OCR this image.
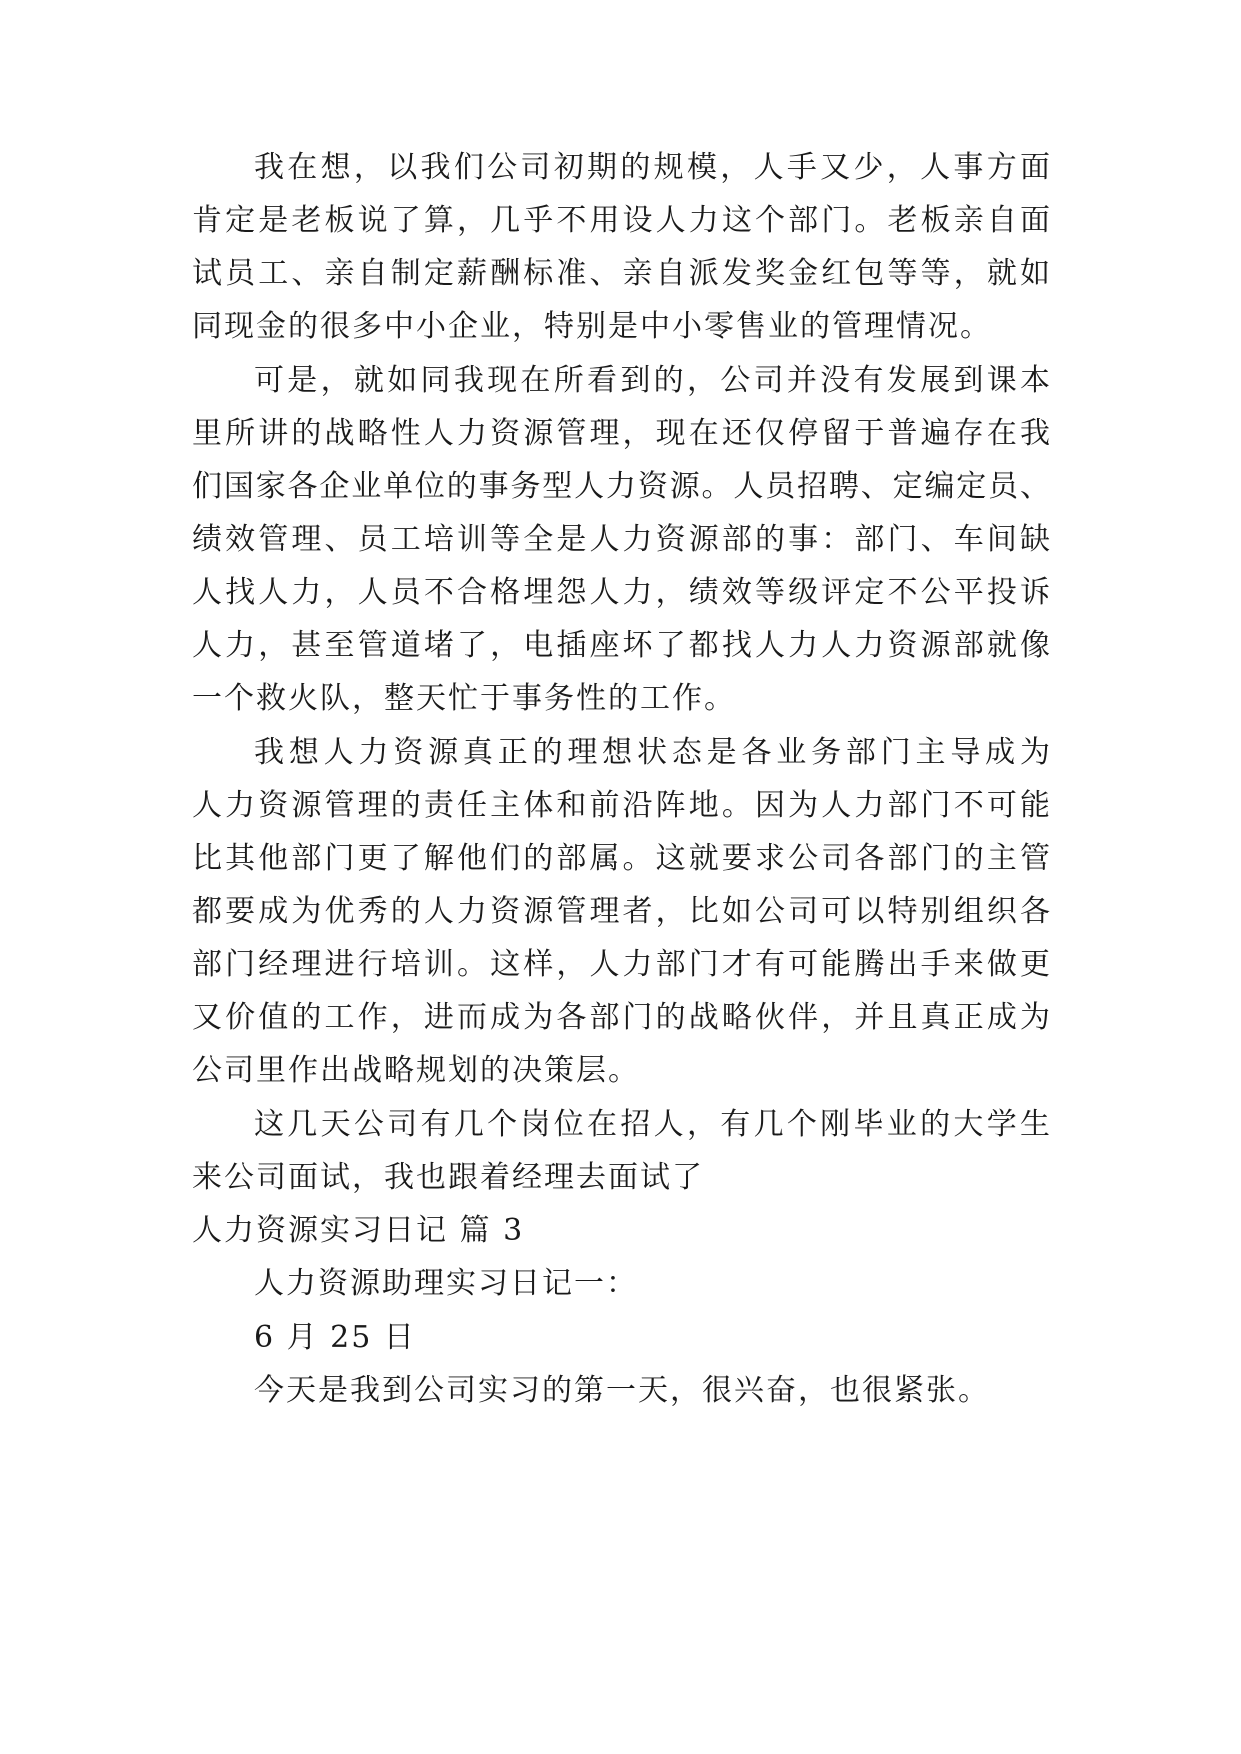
我在想，以我们公司初期的规模，人手又少，人事方面
肯定是老板说了算，几乎不用设人力这个部门。老板亲自面
试员工、亲自制定薪酬标准、亲自派发奖金红包等等，就如
同现金的很多中小企业，特别是中小零售业的管理情况。
可是，就如同我现在所看到的，公司并没有发展到课本
里所讲的战略性人力资源管理，现在还仅停留于普遍存在我
们国家各企业单位的事务型人力资源。人员招聘、定编定员、
绩效管理、员工培训等全是人力资源部的事：部门、车间缺
人找人力，人员不合格埋怨人力，绩效等级评定不公平投诉
人力，甚至管道堵了，电插座坏了都找人力人力资源部就像
一个救火队，整天忙于事务性的工作。
我想人力资源真正的理想状态是各业务部门主导成为
人力资源管理的责任主体和前沿阵地。因为人力部门不可能
比其他部门更了解他们的部属。这就要求公司各部门的主管
都要成为优秀的人力资源管理者，比如公司可以特别组织各
部门经理进行培训。这样，人力部门才有可能腾出手来做更
又价值的工作，进而成为各部门的战略伙伴，并且真正成为
公司里作出战略规划的决策层。
这几天公司有几个岗位在招人，有几个刚毕业的大学生
来公司面试，我也跟着经理去面试了
人力资源实习日记 篇 3
人力资源助理实习日记一：
6 月 25 日
今天是我到公司实习的第一天，很兴奋，也很紧张。
